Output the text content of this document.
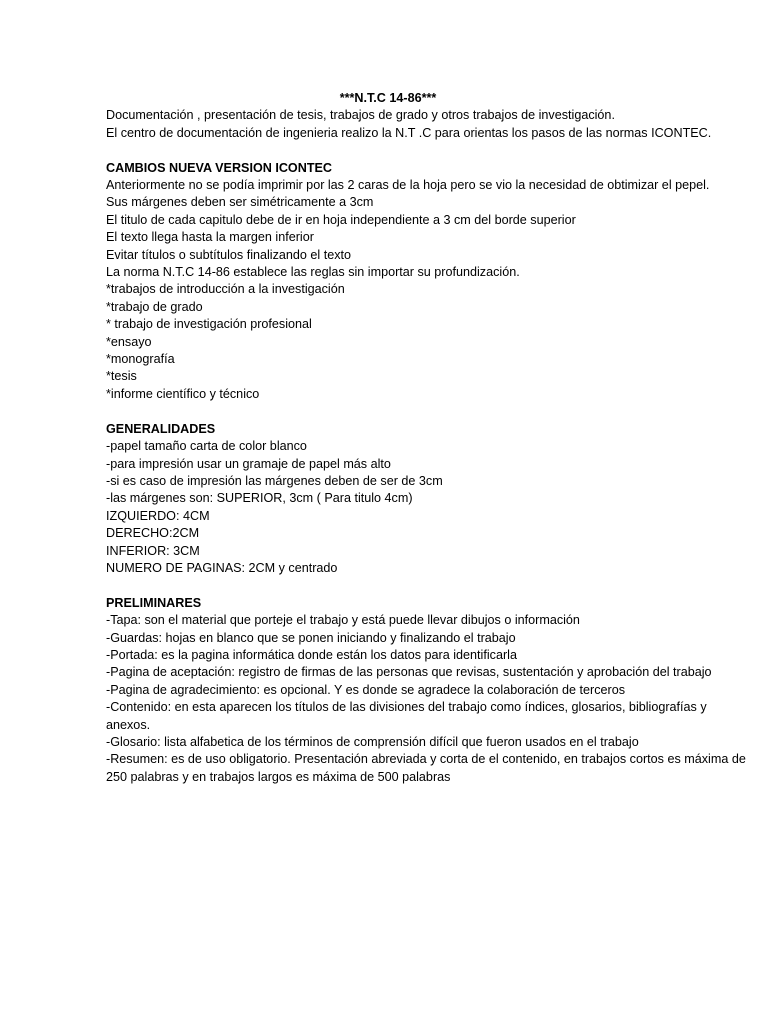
***N.T.C 14-86***

Documentación , presentación de tesis, trabajos de grado y otros trabajos de investigación.

El centro de documentación de ingenieria realizo la N.T .C para orientas los pasos de las normas ICONTEC.

CAMBIOS NUEVA VERSION ICONTEC

Anteriormente no se podía imprimir por las 2 caras de la hoja pero se vio la necesidad de obtimizar el pepel.

Sus márgenes deben ser simétricamente a 3cm

El titulo de cada capitulo debe de ir en hoja independiente a 3 cm del borde superior

El texto llega hasta la margen inferior

Evitar títulos o subtítulos finalizando el texto

La norma N.T.C 14-86 establece las reglas sin importar su profundización.

*trabajos de introducción a la investigación

*trabajo de grado

* trabajo de investigación profesional

*ensayo

*monografía

*tesis

*informe científico y técnico

GENERALIDADES

-papel tamaño carta de color blanco

-para impresión usar un gramaje de papel más alto

-si es caso de impresión las márgenes deben de ser de 3cm

-las márgenes son: SUPERIOR, 3cm ( Para titulo 4cm)

IZQUIERDO: 4CM

DERECHO:2CM

INFERIOR: 3CM

NUMERO DE PAGINAS: 2CM y centrado

PRELIMINARES

-Tapa: son el material que porteje el trabajo y está puede llevar dibujos o información

-Guardas: hojas en blanco que se ponen iniciando y finalizando el trabajo

-Portada: es la pagina informática donde están los datos para identificarla

-Pagina de aceptación: registro de firmas de las personas que revisas, sustentación y aprobación del trabajo

-Pagina de agradecimiento: es opcional. Y es donde se agradece la colaboración de terceros

-Contenido: en esta aparecen los títulos de las divisiones del trabajo como índices, glosarios, bibliografías y anexos.

-Glosario: lista alfabetica de los términos de comprensión difícil que fueron usados en el trabajo

-Resumen: es de uso obligatorio. Presentación abreviada y corta de el contenido, en trabajos cortos es máxima de 250 palabras y en trabajos largos es máxima de 500 palabras
